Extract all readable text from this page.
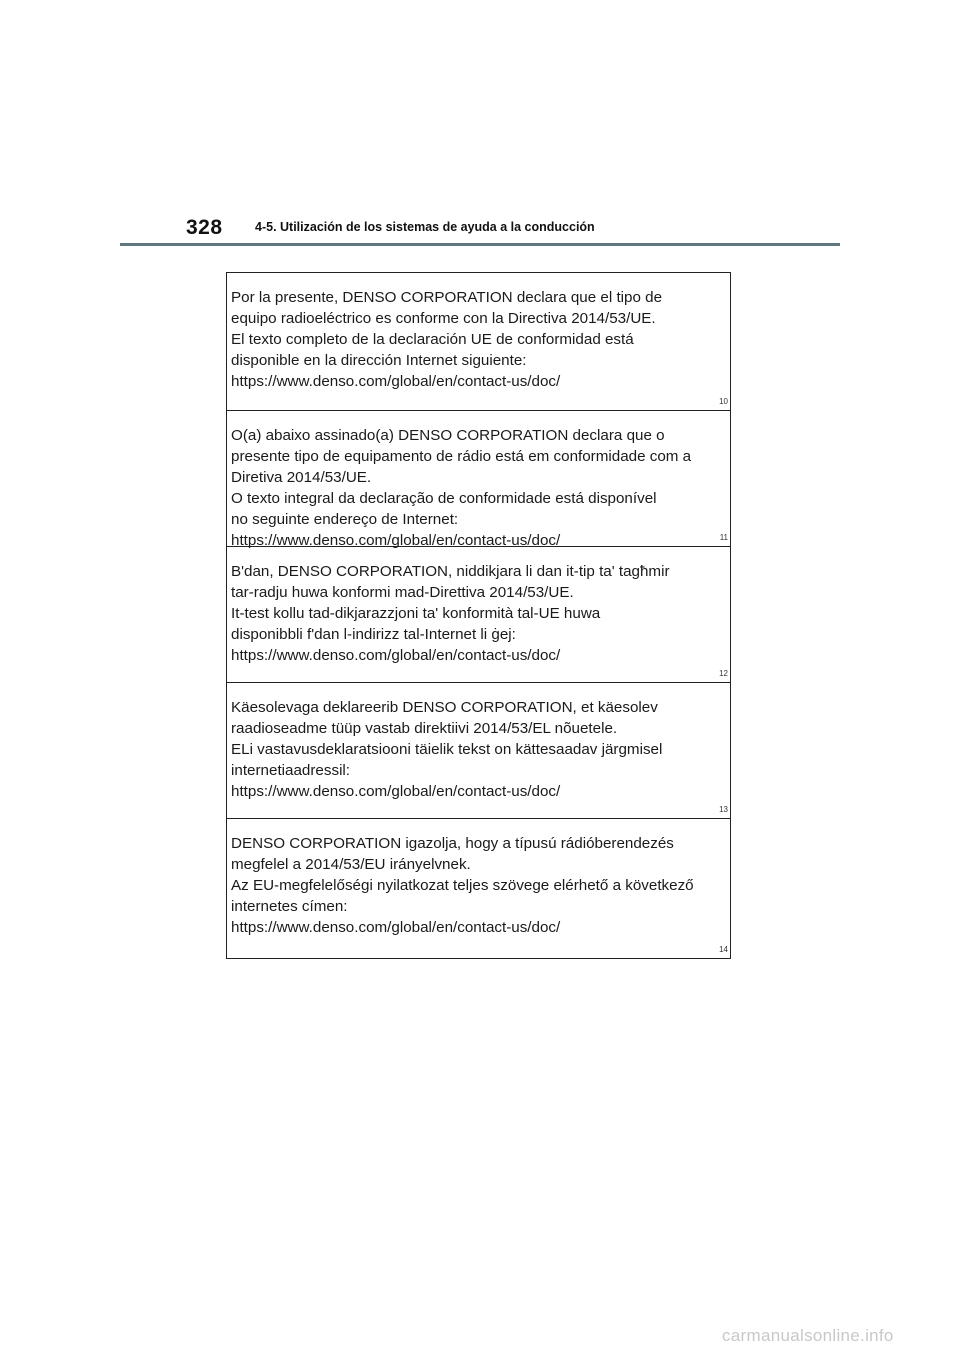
328	4-5. Utilización de los sistemas de ayuda a la conducción
Por la presente, DENSO CORPORATION declara que el tipo de
equipo radioeléctrico es conforme con la Directiva 2014/53/UE.
El texto completo de la declaración UE de conformidad está
disponible en la dirección Internet siguiente:
https://www.denso.com/global/en/contact-us/doc/
10
O(a) abaixo assinado(a) DENSO CORPORATION declara que o
presente tipo de equipamento de rádio está em conformidade com a
Diretiva 2014/53/UE.
O texto integral da declaração de conformidade está disponível
no seguinte endereço de Internet:
https://www.denso.com/global/en/contact-us/doc/	11
B'dan, DENSO CORPORATION, niddikjara li dan it-tip ta' tagħmir
tar-radju huwa konformi mad-Direttiva 2014/53/UE.
It-test kollu tad-dikjarazzjoni ta' konformità tal-UE huwa
disponibbli f'dan l-indirizz tal-Internet li ġej:
https://www.denso.com/global/en/contact-us/doc/
12
Käesolevaga deklareerib DENSO CORPORATION, et käesolev
raadioseadme tüüp vastab direktiivi 2014/53/EL nõuetele.
ELi vastavusdeklaratsiooni täielik tekst on kättesaadav järgmisel
internetiaadressil:
https://www.denso.com/global/en/contact-us/doc/
13
DENSO CORPORATION igazolja, hogy a típusú rádióberendezés
megfelel a 2014/53/EU irányelvnek.
Az EU-megfelelőségi nyilatkozat teljes szövege elérhető a következő
internetes címen:
https://www.denso.com/global/en/contact-us/doc/
14
carmanualsonline.info
